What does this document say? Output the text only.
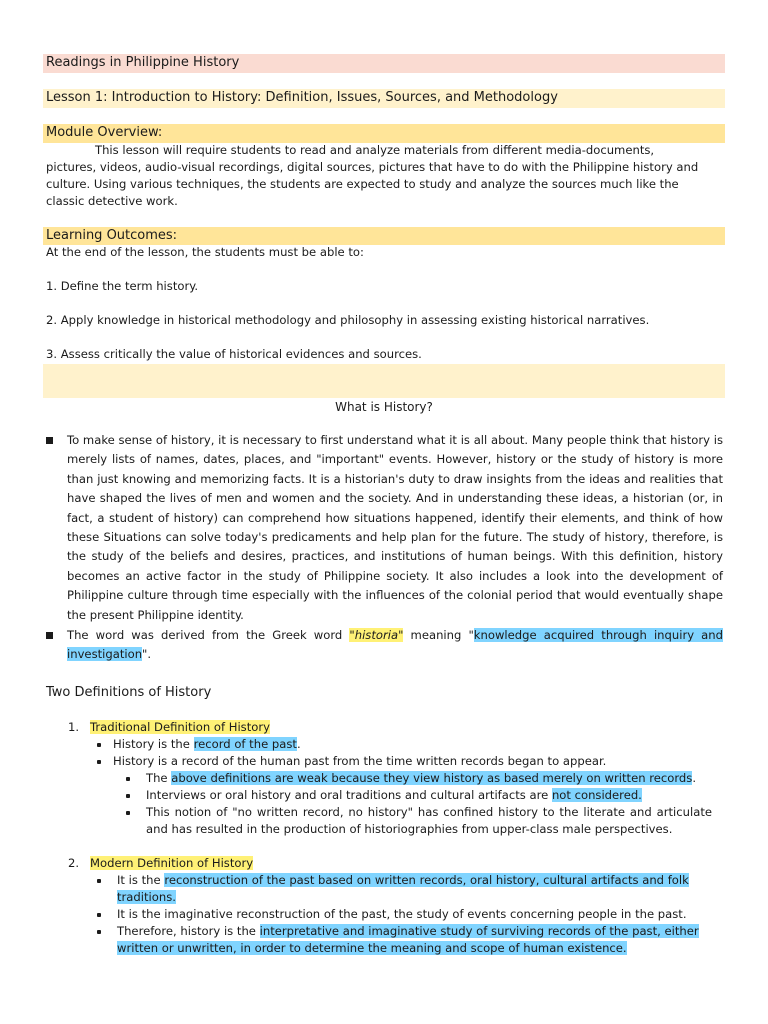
Readings in Philippine History
Lesson 1: Introduction to History: Definition, Issues, Sources, and Methodology
Module Overview:
This lesson will require students to read and analyze materials from different media-documents,
pictures, videos, audio-visual recordings, digital sources, pictures that have to do with the Philippine history and
culture. Using various techniques, the students are expected to study and analyze the sources much like the
classic detective work.
Learning Outcomes:
At the end of the lesson, the students must be able to:
1. Define the term history.
2. Apply knowledge in historical methodology and philosophy in assessing existing historical narratives.
3. Assess critically the value of historical evidences and sources.
What is History?
To make sense of history, it is necessary to first understand what it is all about. Many people think that history is merely lists of names, dates, places, and "important" events. However, history or the study of history is more than just knowing and memorizing facts. It is a historian's duty to draw insights from the ideas and realities that have shaped the lives of men and women and the society. And in understanding these ideas, a historian (or, in fact, a student of history) can comprehend how situations happened, identify their elements, and think of how these Situations can solve today's predicaments and help plan for the future. The study of history, therefore, is the study of the beliefs and desires, practices, and institutions of human beings. With this definition, history becomes an active factor in the study of Philippine society. It also includes a look into the development of Philippine culture through time especially with the influences of the colonial period that would eventually shape the present Philippine identity.
The word was derived from the Greek word "historia" meaning "knowledge acquired through inquiry and investigation".
Two Definitions of History
1. Traditional Definition of History
History is the record of the past.
History is a record of the human past from the time written records began to appear.
The above definitions are weak because they view history as based merely on written records.
Interviews or oral history and oral traditions and cultural artifacts are not considered.
This notion of "no written record, no history" has confined history to the literate and articulate and has resulted in the production of historiographies from upper-class male perspectives.
2. Modern Definition of History
It is the reconstruction of the past based on written records, oral history, cultural artifacts and folk traditions.
It is the imaginative reconstruction of the past, the study of events concerning people in the past.
Therefore, history is the interpretative and imaginative study of surviving records of the past, either written or unwritten, in order to determine the meaning and scope of human existence.
